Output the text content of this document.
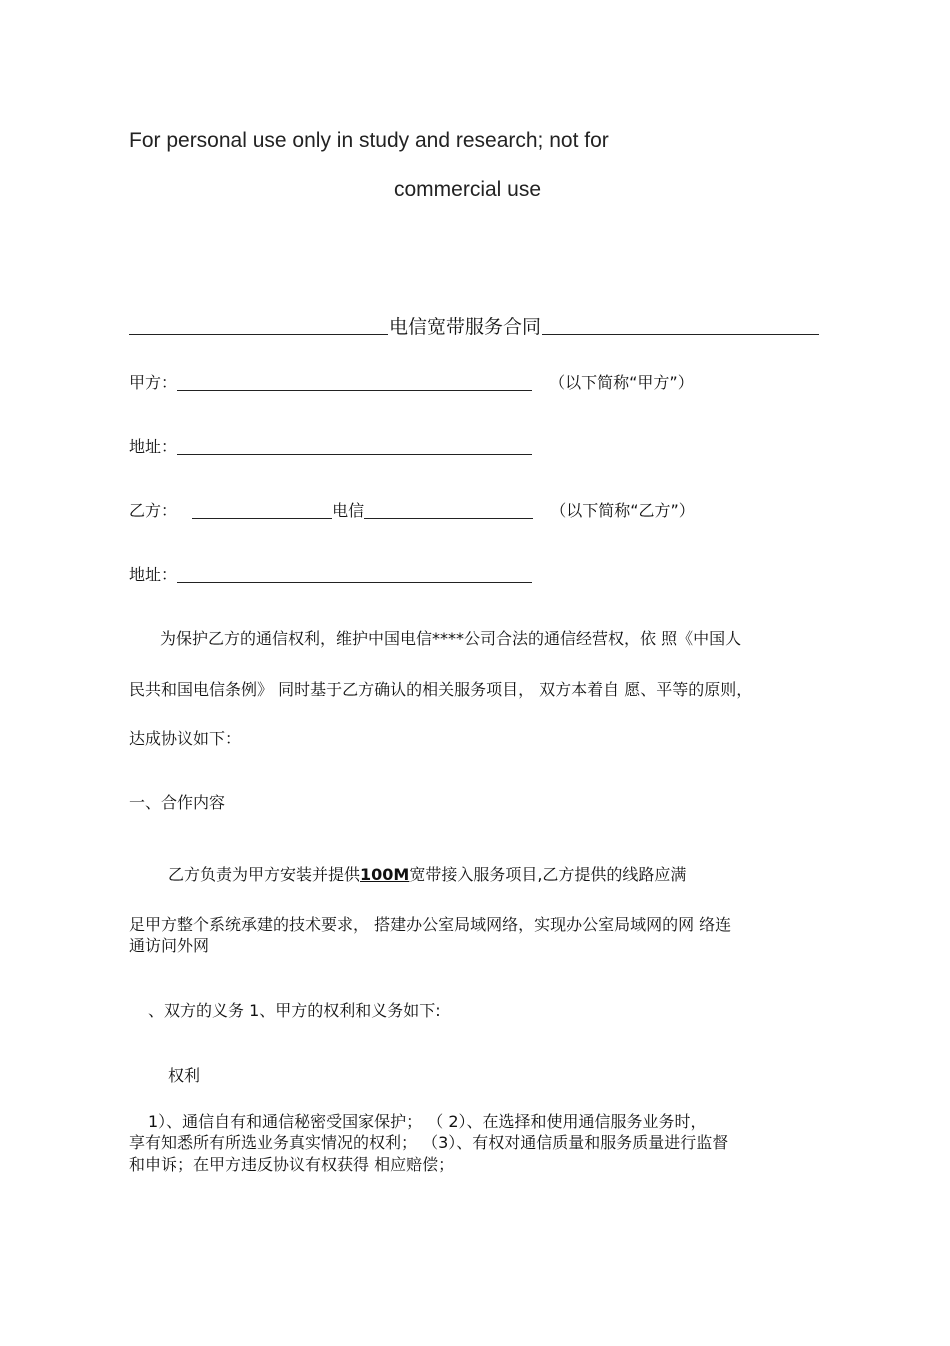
For personal use only in study and research; not for
commercial use
电信宽带服务合同
甲方：	（以下简称“甲方”）
地址：
乙方：	电信	（以下简称“乙方”）
地址：
为保护乙方的通信权利，维护中国电信****公司合法的通信经营权，依 照《中国人
民共和国电信条例》 同时基于乙方确认的相关服务项目， 双方本着自 愿、平等的原则，
达成协议如下：
一、合作内容
乙方负责为甲方安装并提供100M宽带接入服务项目,乙方提供的线路应满
足甲方整个系统承建的技术要求， 搭建办公室局域网络，实现办公室局域网的网 络连
通访问外网
、双方的义务 1、甲方的权利和义务如下:
权利
1）、通信自有和通信秘密受国家保护； （ 2）、在选择和使用通信服务业务时，
享有知悉所有所选业务真实情况的权利； （3）、有权对通信质量和服务质量进行监督
和申诉；在甲方违反协议有权获得 相应赔偿；
